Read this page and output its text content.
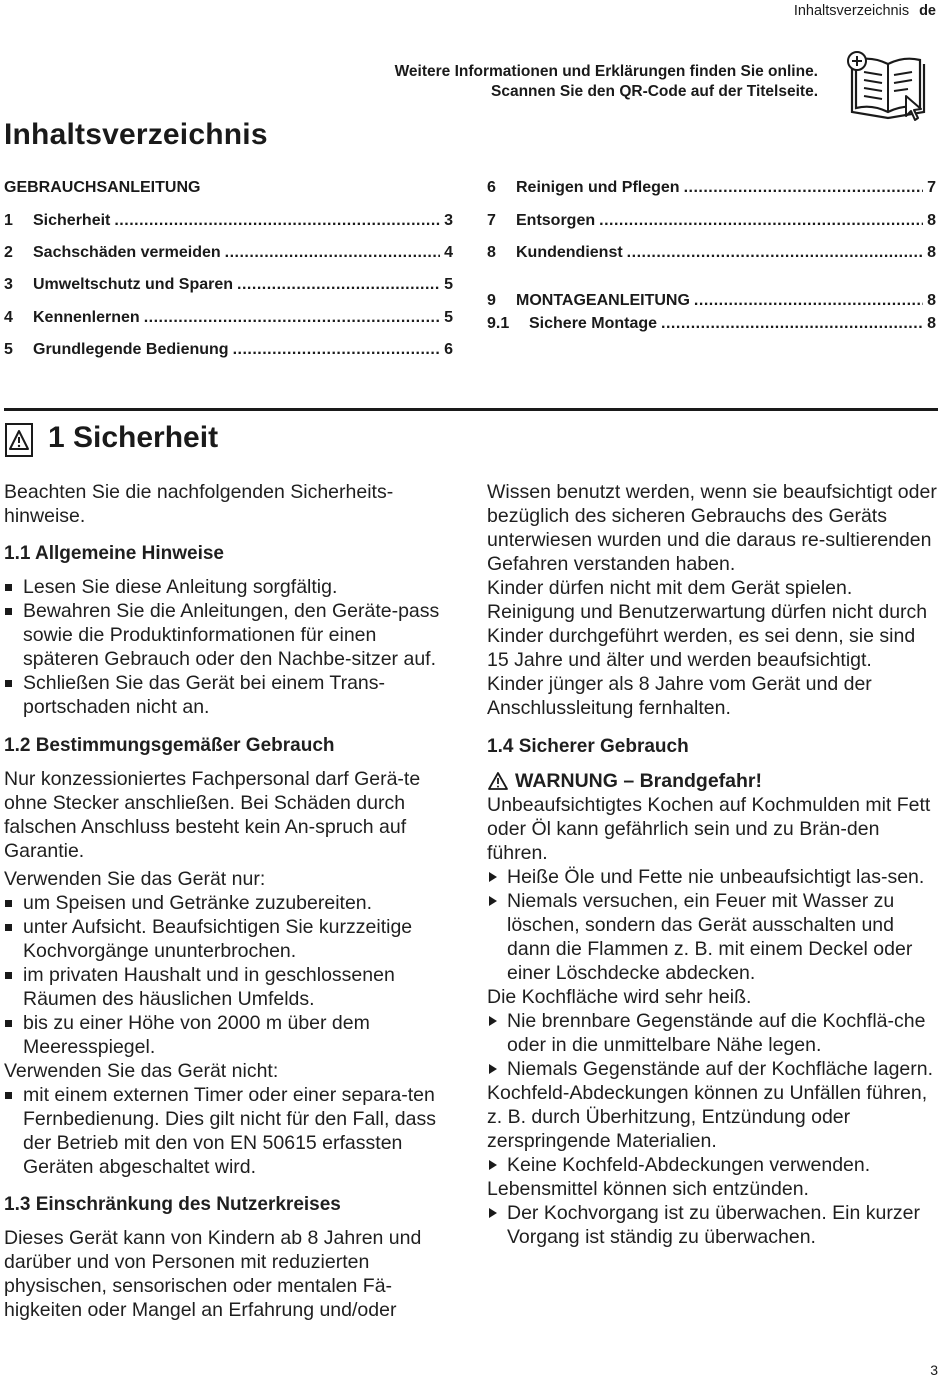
Inhaltsverzeichnis de
Weitere Informationen und Erklärungen finden Sie online.
Scannen Sie den QR-Code auf der Titelseite.
Inhaltsverzeichnis
GEBRAUCHSANLEITUNG
1	Sicherheit .....	3
2	Sachschäden vermeiden .....	4
3	Umweltschutz und Sparen .....	5
4	Kennenlernen .....	5
5	Grundlegende Bedienung .....	6
6	Reinigen und Pflegen .....	7
7	Entsorgen .....	8
8	Kundendienst .....	8
9	MONTAGEANLEITUNG .....	8
9.1	Sichere Montage .....	8
1 Sicherheit

Beachten Sie die nachfolgenden Sicherheits-hinweise.

1.1 Allgemeine Hinweise

Lesen Sie diese Anleitung sorgfältig.

Bewahren Sie die Anleitungen, den Geräte-pass sowie die Produktinformationen für einen späteren Gebrauch oder den Nachbe-sitzer auf.

Schließen Sie das Gerät bei einem Trans-portschaden nicht an.

1.2 Bestimmungsgemäßer Gebrauch

Nur konzessioniertes Fachpersonal darf Gerä-te ohne Stecker anschließen. Bei Schäden durch falschen Anschluss besteht kein An-spruch auf Garantie.

Verwenden Sie das Gerät nur:

um Speisen und Getränke zuzubereiten.

unter Aufsicht. Beaufsichtigen Sie kurzzeitige Kochvorgänge ununterbrochen.

im privaten Haushalt und in geschlossenen Räumen des häuslichen Umfelds.

bis zu einer Höhe von 2000 m über dem Meeresspiegel.

Verwenden Sie das Gerät nicht:

mit einem externen Timer oder einer separa-ten Fernbedienung. Dies gilt nicht für den Fall, dass der Betrieb mit den von EN 50615 erfassten Geräten abgeschaltet wird.

1.3 Einschränkung des Nutzerkreises

Dieses Gerät kann von Kindern ab 8 Jahren und darüber und von Personen mit reduzierten physischen, sensorischen oder mentalen Fä-higkeiten oder Mangel an Erfahrung und/oder

Wissen benutzt werden, wenn sie beaufsichtigt oder bezüglich des sicheren Gebrauchs des Geräts unterwiesen wurden und die daraus re-sultierenden Gefahren verstanden haben.

Kinder dürfen nicht mit dem Gerät spielen.

Reinigung und Benutzerwartung dürfen nicht durch Kinder durchgeführt werden, es sei denn, sie sind 15 Jahre und älter und werden beaufsichtigt.

Kinder jünger als 8 Jahre vom Gerät und der Anschlussleitung fernhalten.

1.4 Sicherer Gebrauch

WARNUNG – Brandgefahr!

Unbeaufsichtigtes Kochen auf Kochmulden mit Fett oder Öl kann gefährlich sein und zu Brän-den führen.

Heiße Öle und Fette nie unbeaufsichtigt las-sen.

Niemals versuchen, ein Feuer mit Wasser zu löschen, sondern das Gerät ausschalten und dann die Flammen z. B. mit einem Deckel oder einer Löschdecke abdecken.

Die Kochfläche wird sehr heiß.

Nie brennbare Gegenstände auf die Kochflä-che oder in die unmittelbare Nähe legen.

Niemals Gegenstände auf der Kochfläche lagern.

Kochfeld-Abdeckungen können zu Unfällen führen, z. B. durch Überhitzung, Entzündung oder zerspringende Materialien.

Keine Kochfeld-Abdeckungen verwenden.

Lebensmittel können sich entzünden.

Der Kochvorgang ist zu überwachen. Ein kurzer Vorgang ist ständig zu überwachen.

3
